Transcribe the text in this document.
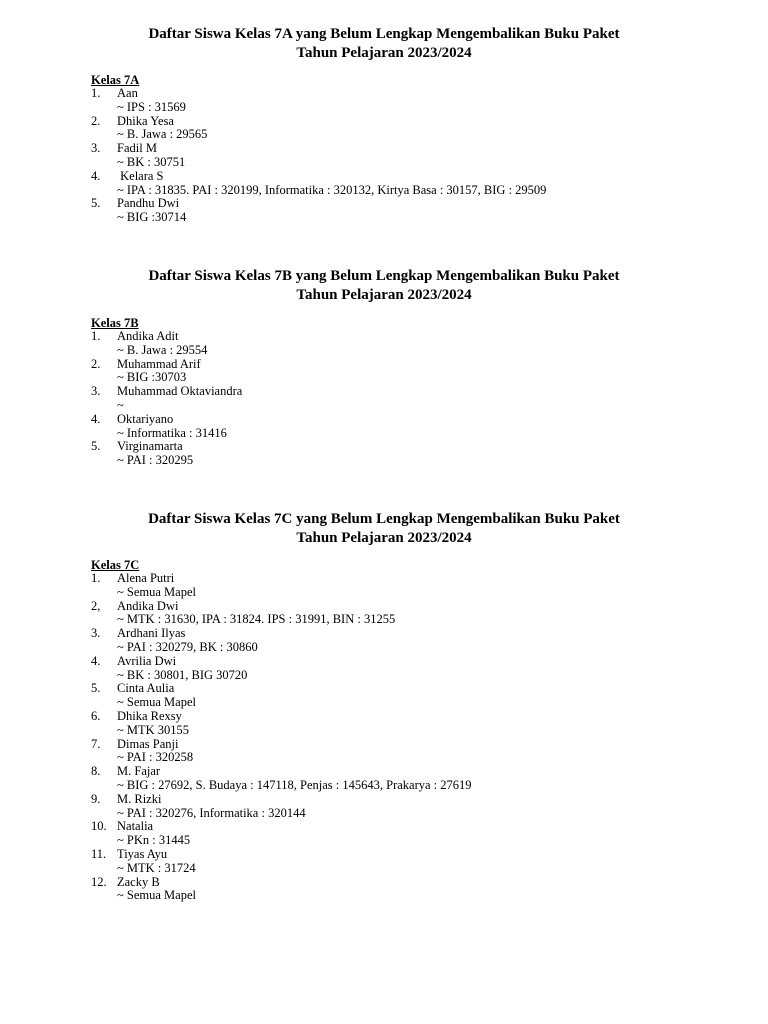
Daftar Siswa Kelas 7A yang Belum Lengkap Mengembalikan Buku Paket

Tahun Pelajaran 2023/2024

Kelas 7A
1. Aan
~ IPS : 31569
2. Dhika Yesa
~ B. Jawa : 29565
3. Fadil M
~ BK : 30751
4. Kelara S
~ IPA : 31835. PAI : 320199, Informatika : 320132, Kirtya Basa : 30157, BIG : 29509
5. Pandhu Dwi
~ BIG :30714

Daftar Siswa Kelas 7B yang Belum Lengkap Mengembalikan Buku Paket

Tahun Pelajaran 2023/2024

Kelas 7B
1. Andika Adit
~ B. Jawa : 29554
2. Muhammad Arif
~ BIG :30703
3. Muhammad Oktaviandra
~
4. Oktariyano
~ Informatika : 31416
5. Virginamarta
~ PAI : 320295

Daftar Siswa Kelas 7C yang Belum Lengkap Mengembalikan Buku Paket

Tahun Pelajaran 2023/2024

Kelas 7C
1. Alena Putri
~ Semua Mapel
2, Andika Dwi
~ MTK : 31630, IPA : 31824. IPS : 31991, BIN : 31255
3. Ardhani Ilyas
~ PAI : 320279, BK : 30860
4. Avrilia Dwi
~ BK : 30801, BIG 30720
5. Cinta Aulia
~ Semua Mapel
6. Dhika Rexsy
~ MTK 30155
7. Dimas Panji
~ PAI : 320258
8. M. Fajar
~ BIG : 27692, S. Budaya : 147118, Penjas : 145643, Prakarya : 27619
9. M. Rizki
~ PAI : 320276, Informatika : 320144
10. Natalia
~ PKn : 31445
11. Tiyas Ayu
~ MTK : 31724
12. Zacky B
~ Semua Mapel
